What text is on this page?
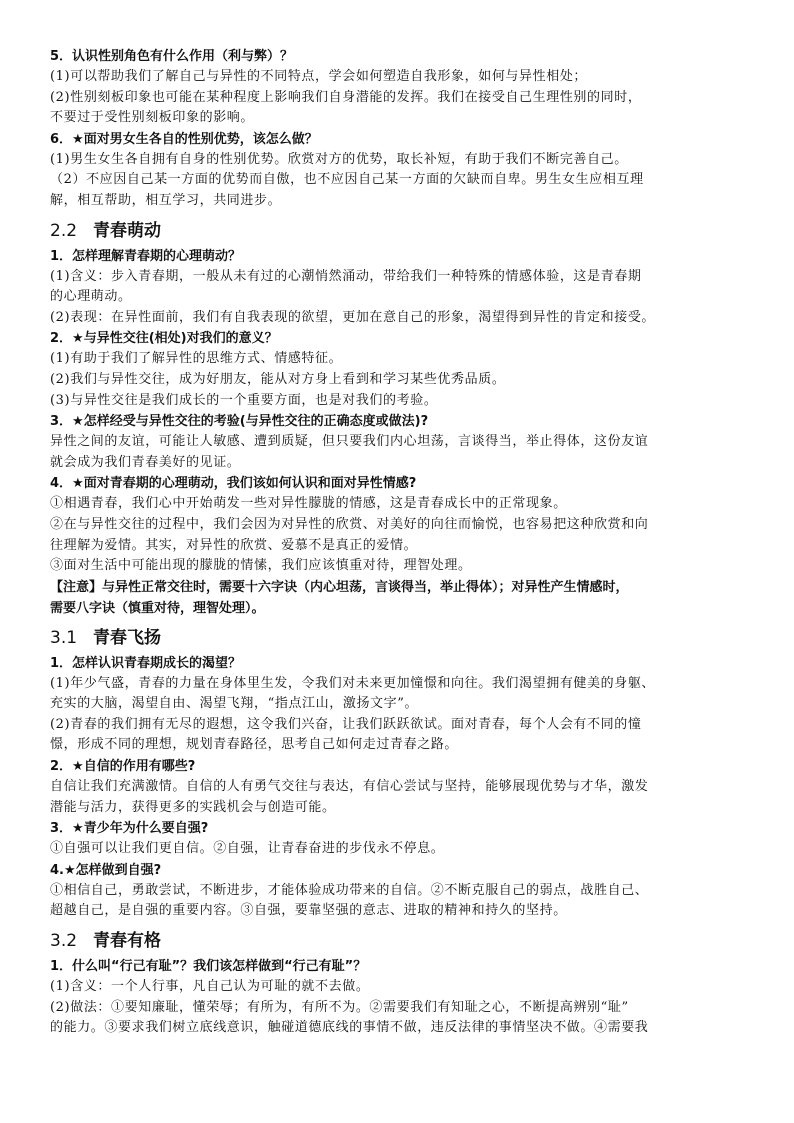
5．认识性别角色有什么作用（利与弊）？
(1)可以帮助我们了解自己与异性的不同特点，学会如何塑造自我形象，如何与异性相处；
(2)性别刻板印象也可能在某种程度上影响我们自身潜能的发挥。我们在接受自己生理性别的同时，
不要过于受性别刻板印象的影响。
6．★面对男女生各自的性别优势，该怎么做？
(1)男生女生各自拥有自身的性别优势。欣赏对方的优势，取长补短，有助于我们不断完善自己。
（2）不应因自己某一方面的优势而自傲，也不应因自己某一方面的欠缺而自卑。男生女生应相互理
解，相互帮助，相互学习，共同进步。
2.2 青春萌动
1．怎样理解青春期的心理萌动？
(1)含义：步入青春期，一般从未有过的心潮悄然涌动，带给我们一种特殊的情感体验，这是青春期
的心理萌动。
(2)表现：在异性面前，我们有自我表现的欲望，更加在意自己的形象，渴望得到异性的肯定和接受。
2．★与异性交往(相处)对我们的意义？
(1)有助于我们了解异性的思维方式、情感特征。
(2)我们与异性交往，成为好朋友，能从对方身上看到和学习某些优秀品质。
(3)与异性交往是我们成长的一个重要方面，也是对我们的考验。
3．★怎样经受与异性交往的考验(与异性交往的正确态度或做法)?
异性之间的友谊，可能让人敏感、遭到质疑，但只要我们内心坦荡，言谈得当，举止得体，这份友谊
就会成为我们青春美好的见证。
4．★面对青春期的心理萌动，我们该如何认识和面对异性情感?
①相遇青春，我们心中开始萌发一些对异性朦胧的情感，这是青春成长中的正常现象。
②在与异性交往的过程中，我们会因为对异性的欣赏、对美好的向往而愉悦，也容易把这种欣赏和向
往理解为爱情。其实，对异性的欣赏、爱慕不是真正的爱情。
③面对生活中可能出现的朦胧的情愫，我们应该慎重对待，理智处理。
【注意】与异性正常交往时，需要十六字诀（内心坦荡，言谈得当，举止得体）；对异性产生情感时，
需要八字诀（慎重对待，理智处理）。
3.1 青春飞扬
1．怎样认识青春期成长的渴望？
(1)年少气盛，青春的力量在身体里生发，令我们对未来更加憧憬和向往。我们渴望拥有健美的身躯、
充实的大脑，渴望自由、渴望飞翔，“指点江山，激扬文字”。
(2)青春的我们拥有无尽的遐想，这令我们兴奋，让我们跃跃欲试。面对青春，每个人会有不同的憧
憬，形成不同的理想，规划青春路径，思考自己如何走过青春之路。
2．★自信的作用有哪些?
自信让我们充满激情。自信的人有勇气交往与表达，有信心尝试与坚持，能够展现优势与才华，激发
潜能与活力，获得更多的实践机会与创造可能。
3．★青少年为什么要自强?
①自强可以让我们更自信。②自强，让青春奋进的步伐永不停息。
4.★怎样做到自强?
①相信自己，勇敢尝试，不断进步，才能体验成功带来的自信。②不断克服自己的弱点，战胜自己、
超越自己，是自强的重要内容。③自强，要靠坚强的意志、进取的精神和持久的坚持。
3.2 青春有格
1．什么叫“行己有耻”？我们该怎样做到“行己有耻”？
(1)含义：一个人行事，凡自己认为可耻的就不去做。
(2)做法：①要知廉耻，懂荣辱；有所为，有所不为。②需要我们有知耻之心，不断提高辨别“耻”
的能力。③要求我们树立底线意识，触碰道德底线的事情不做，违反法律的事情坚决不做。④需要我
